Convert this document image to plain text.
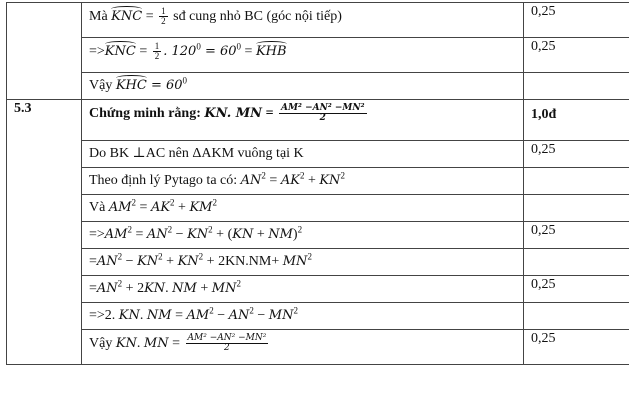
	Mà KNC = $\frac{1}{2}$ sđ cung nhỏ BC (góc nội tiếp)	0,25
	$=>KNC = \frac{1}{2}$ . $120^0 = 60^0$ = KHB	0,25
	Vậy KHC = $60^0$	
5.3	Chứng minh rằng: KN. MN = $\frac{\text{AM² −AN² −MN²}}{2}$	1,0đ
	Do BK ⊥AC nên ΔAKM vuông tại K	0,25
	Theo định lý Pytago ta có: $AN^2 = AK^2 + KN^2$	
	Và $AM^2 = AK^2 + KM^2$	
	$=>AM^2 = AN^2 - KN^2 + (KN + NM)^2$	0,25
	$=AN^2 - KN^2 + KN^2 + 2KN.NM+ MN^2$	
	$=AN^2 + 2KN$. NM + $MN^2$	0,25
	=>2. KN. NM = $AM^2 - AN^2 - MN^2$	
	Vậy KN. MN = $\frac{\text{AM² −AN² −MN²}}{2}$	0,25
